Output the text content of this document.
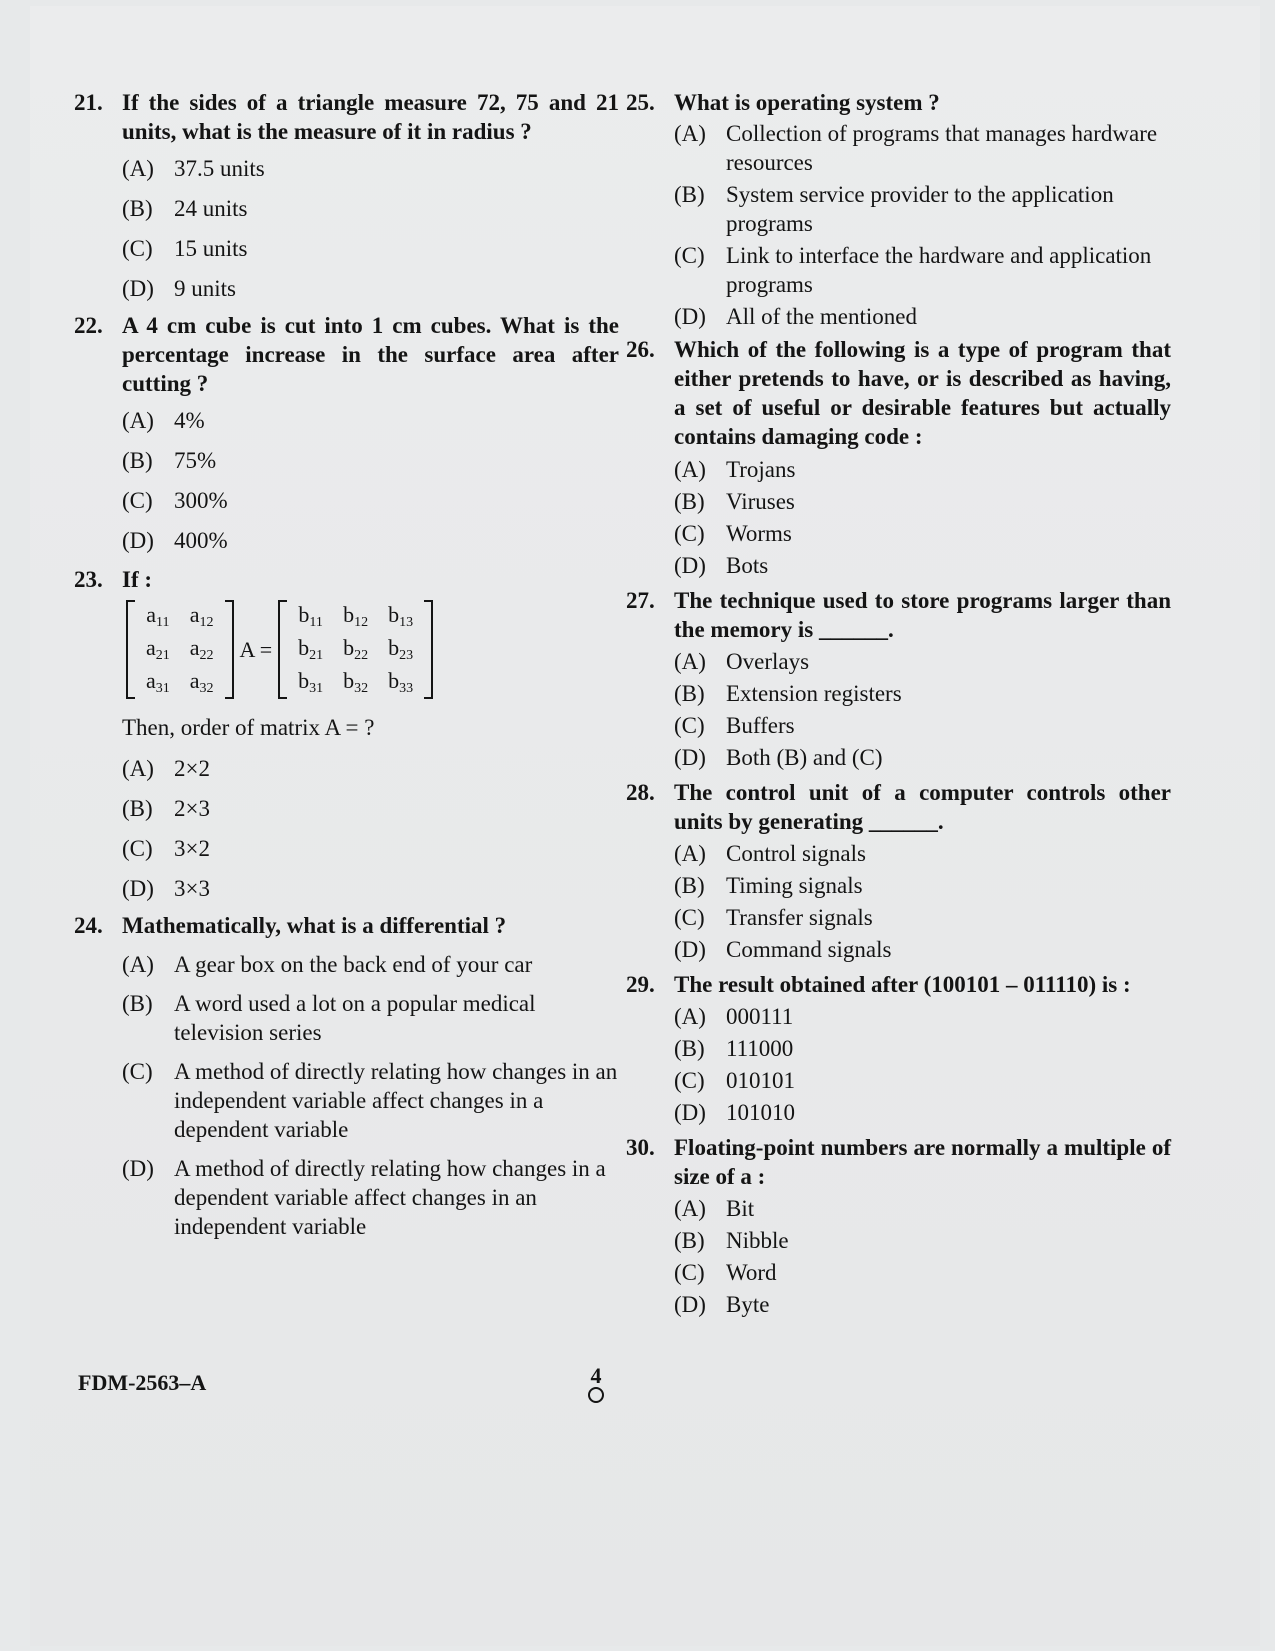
21. If the sides of a triangle measure 72, 75 and 21 units, what is the measure of it in radius ?
(A) 37.5 units
(B) 24 units
(C) 15 units
(D) 9 units
22. A 4 cm cube is cut into 1 cm cubes. What is the percentage increase in the surface area after cutting ?
(A) 4%
(B) 75%
(C) 300%
(D) 400%
23. If :
$a_{11}$	$a_{12}$
$a_{21}$	$a_{22}$
$a_{31}$	$a_{32}$
A =
$b_{11}$	$b_{12}$	$b_{13}$
$b_{21}$	$b_{22}$	$b_{23}$
$b_{31}$	$b_{32}$	$b_{33}$
Then, order of matrix A = ?
(A) 2×2
(B) 2×3
(C) 3×2
(D) 3×3
24. Mathematically, what is a differential ?
(A) A gear box on the back end of your car
(B) A word used a lot on a popular medical television series
(C) A method of directly relating how changes in an independent variable affect changes in a dependent variable
(D) A method of directly relating how changes in a dependent variable affect changes in an independent variable
25. What is operating system ?
(A) Collection of programs that manages hardware resources
(B) System service provider to the application programs
(C) Link to interface the hardware and application programs
(D) All of the mentioned
26. Which of the following is a type of program that either pretends to have, or is described as having, a set of useful or desirable features but actually contains damaging code :
(A) Trojans
(B) Viruses
(C) Worms
(D) Bots
27. The technique used to store programs larger than the memory is ______.
(A) Overlays
(B) Extension registers
(C) Buffers
(D) Both (B) and (C)
28. The control unit of a computer controls other units by generating ______.
(A) Control signals
(B) Timing signals
(C) Transfer signals
(D) Command signals
29. The result obtained after (100101 – 011110) is :
(A) 000111
(B) 111000
(C) 010101
(D) 101010
30. Floating-point numbers are normally a multiple of size of a :
(A) Bit
(B) Nibble
(C) Word
(D) Byte
FDM-2563–A	4
